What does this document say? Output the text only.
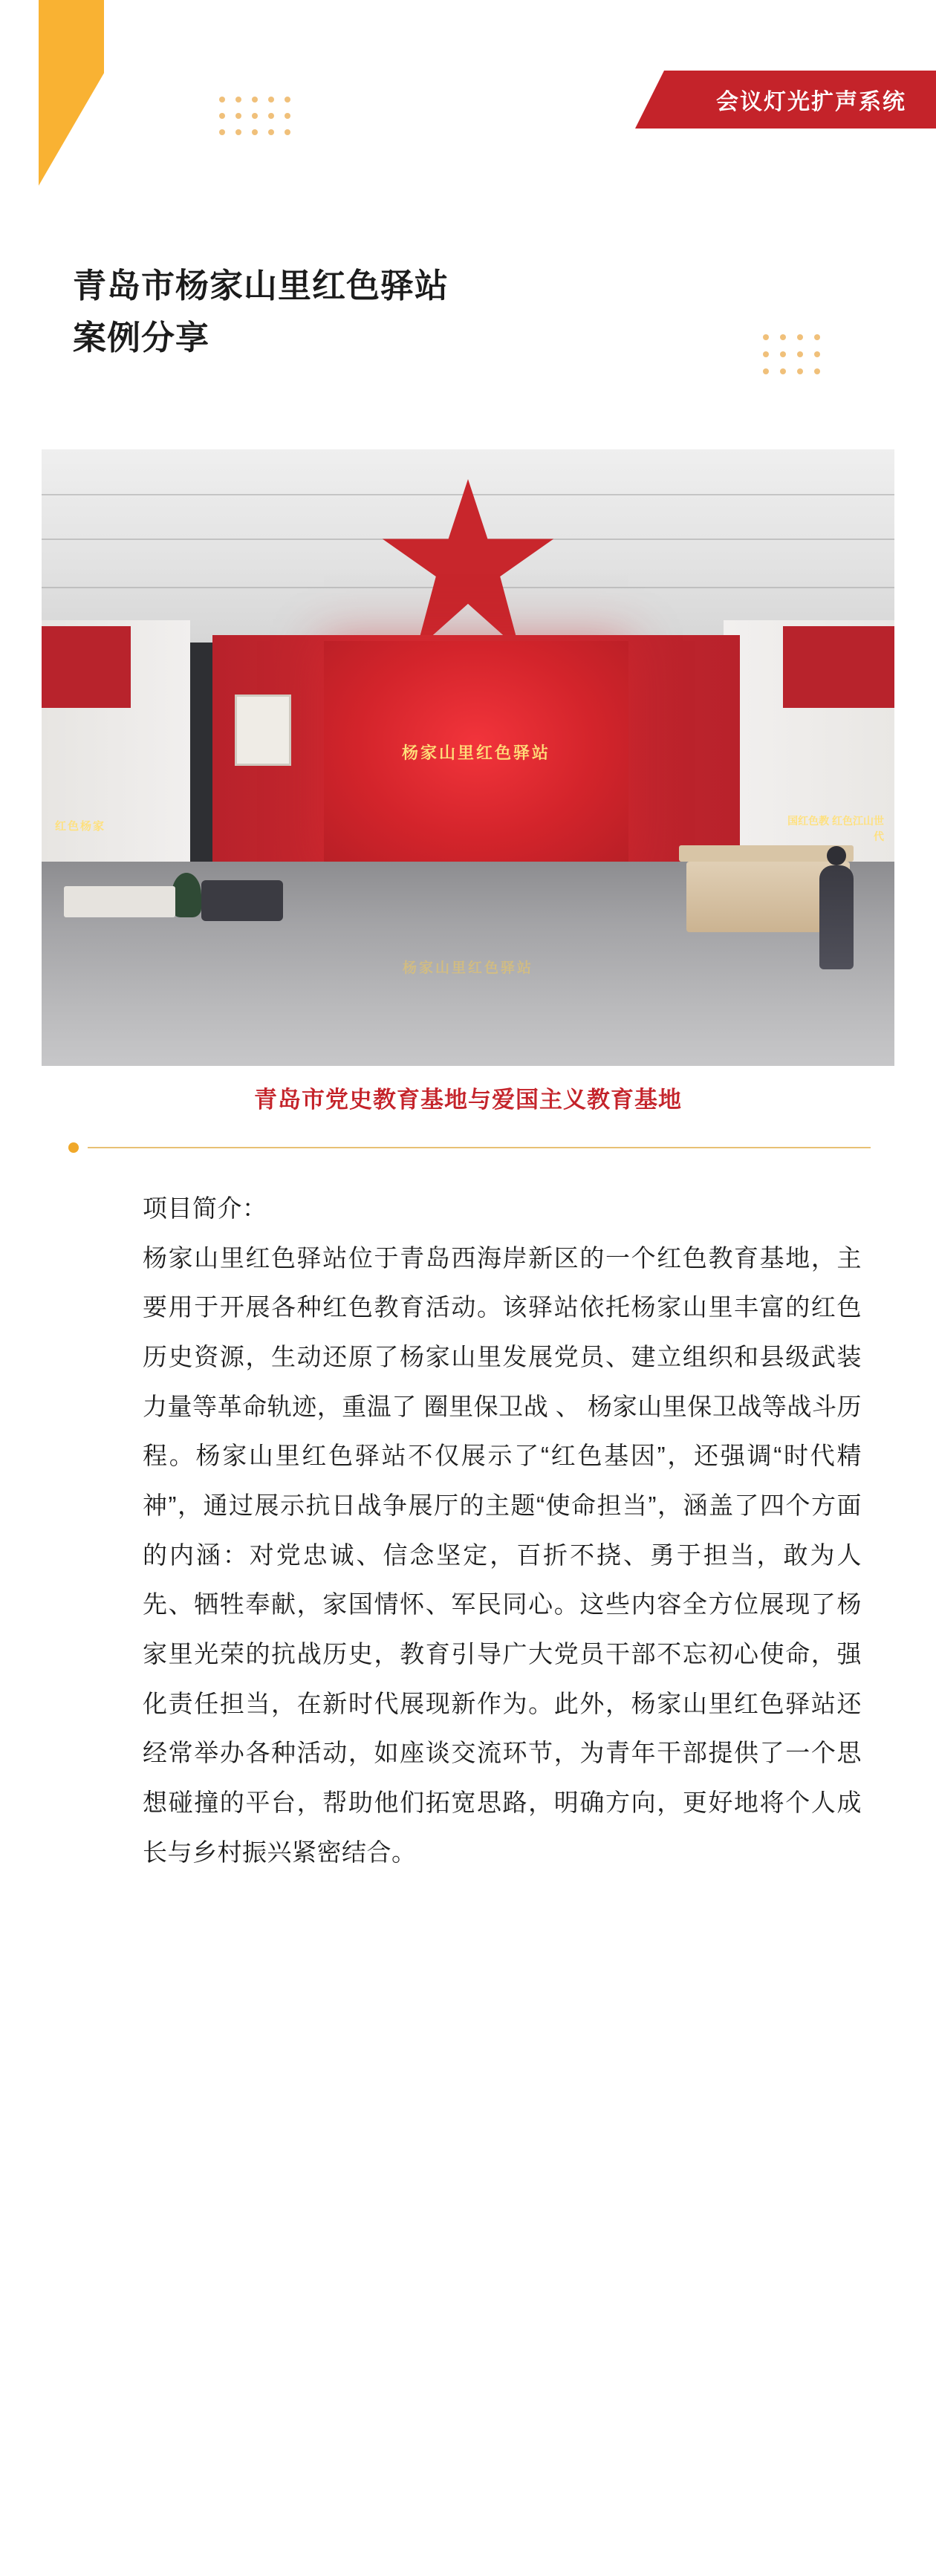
会议灯光扩声系统
青岛市杨家山里红色驿站
案例分享
红色杨家	国红色教 红色江山世代
杨家山里红色驿站
杨家山里红色驿站
青岛市党史教育基地与爱国主义教育基地
项目简介：
杨家山里红色驿站位于青岛西海岸新区的一个红色教育基地，主要用于开展各种红色教育活动。该驿站依托杨家山里丰富的红色历史资源，生动还原了杨家山里发展党员、建立组织和县级武装力量等革命轨迹，重温了 圈里保卫战 、 杨家山里保卫战等战斗历程。杨家山里红色驿站不仅展示了“红色基因”，还强调“时代精神”，通过展示抗日战争展厅的主题“使命担当”，涵盖了四个方面的内涵：对党忠诚、信念坚定，百折不挠、勇于担当，敢为人先、牺牲奉献，家国情怀、军民同心。这些内容全方位展现了杨家里光荣的抗战历史，教育引导广大党员干部不忘初心使命，强化责任担当，在新时代展现新作为。此外，杨家山里红色驿站还经常举办各种活动，如座谈交流环节，为青年干部提供了一个思想碰撞的平台，帮助他们拓宽思路，明确方向，更好地将个人成长与乡村振兴紧密结合。
